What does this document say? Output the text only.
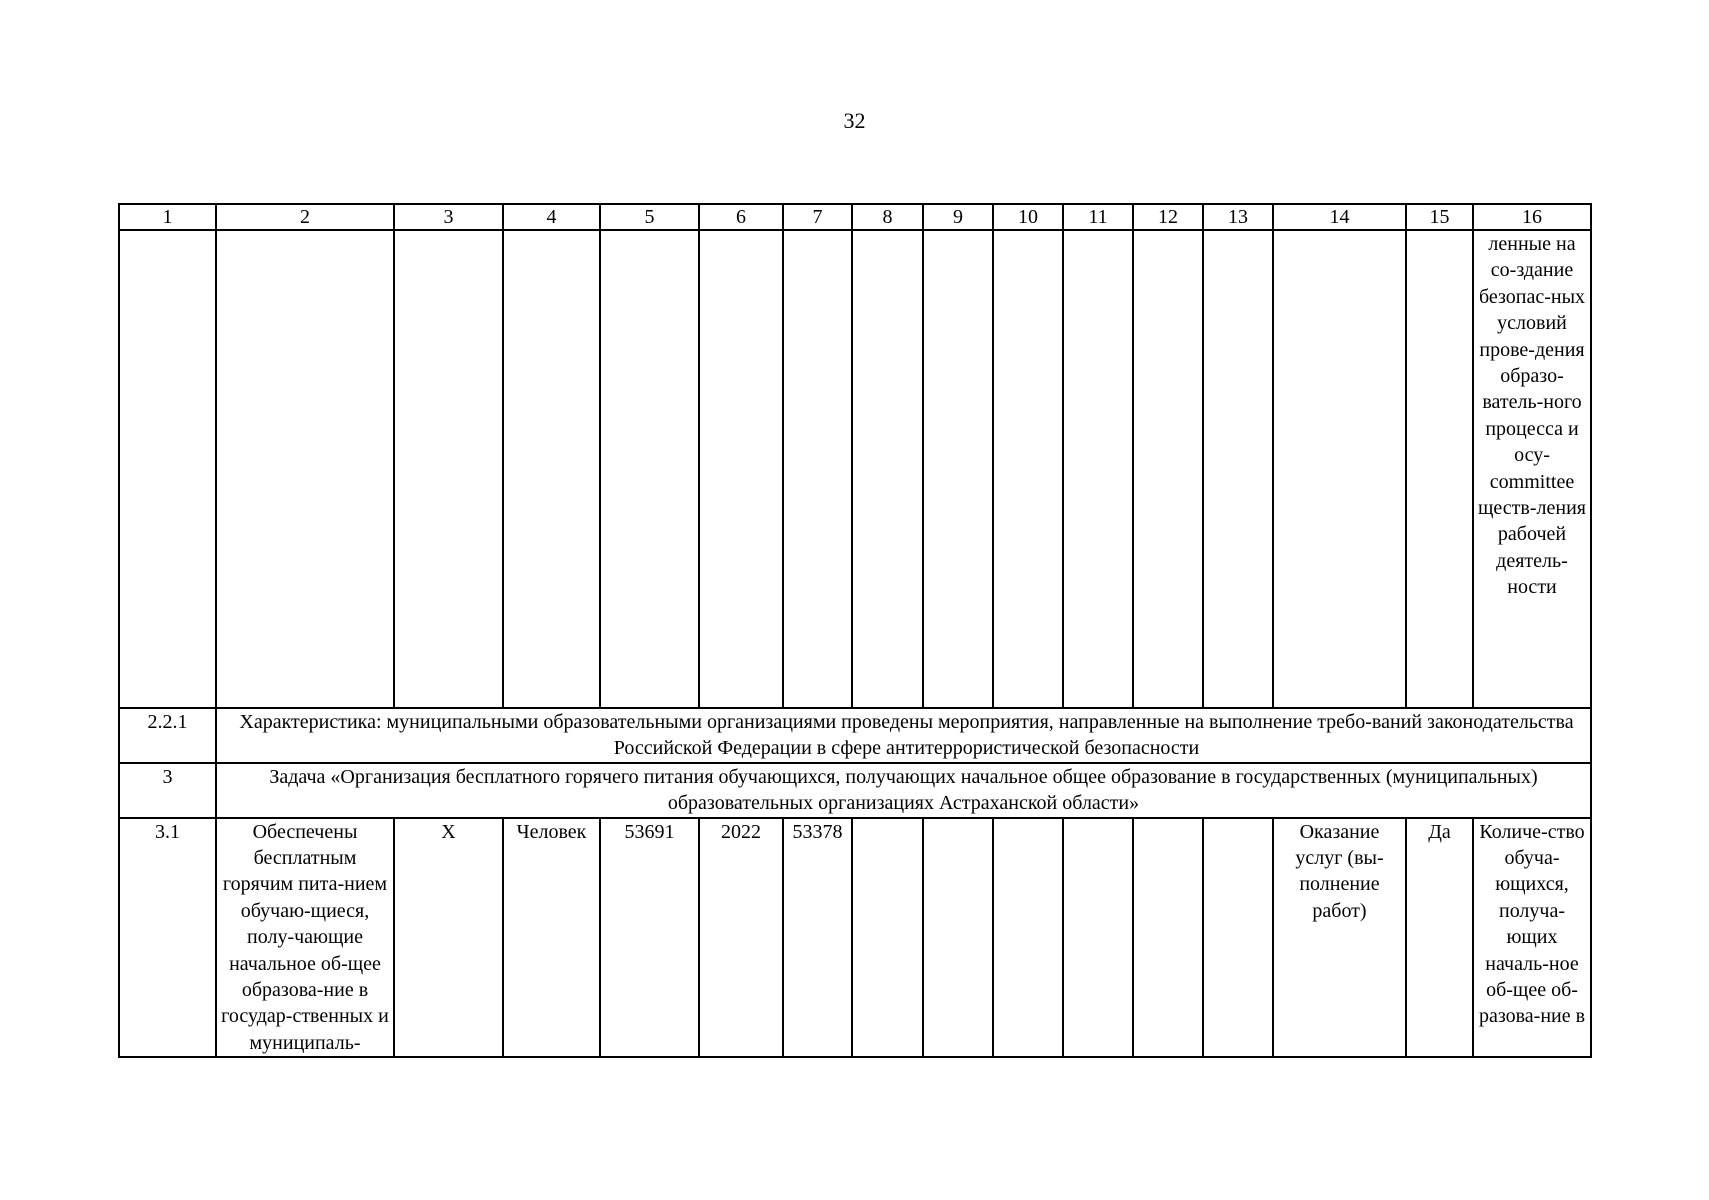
32
1	2	3	4	5	6	7	8	9	10	11	12	13	14	15	16
															ленные на со-здание безопас-ных условий прове-дения образо-ватель-ного процесса и осу-committee ществ-ления рабочей деятель-ности
2.2.1	Характеристика: муниципальными образовательными организациями проведены мероприятия, направленные на выполнение требо-ваний законодательства Российской Федерации в сфере антитеррористической безопасности														
3	Задача «Организация бесплатного горячего питания обучающихся, получающих начальное общее образование в государственных (муниципальных) образовательных организациях Астраханской области»														
3.1	Обеспечены бесплатным горячим пита-нием обучаю-щиеся, полу-чающие начальное об-щее образова-ние в государ-ственных и муниципаль-	X	Человек	53691	2022	53378							Оказание услуг (вы-полнение работ)	Да	Количе-ство обуча-ющихся, получа-ющих началь-ное об-щее об-разова-ние в
